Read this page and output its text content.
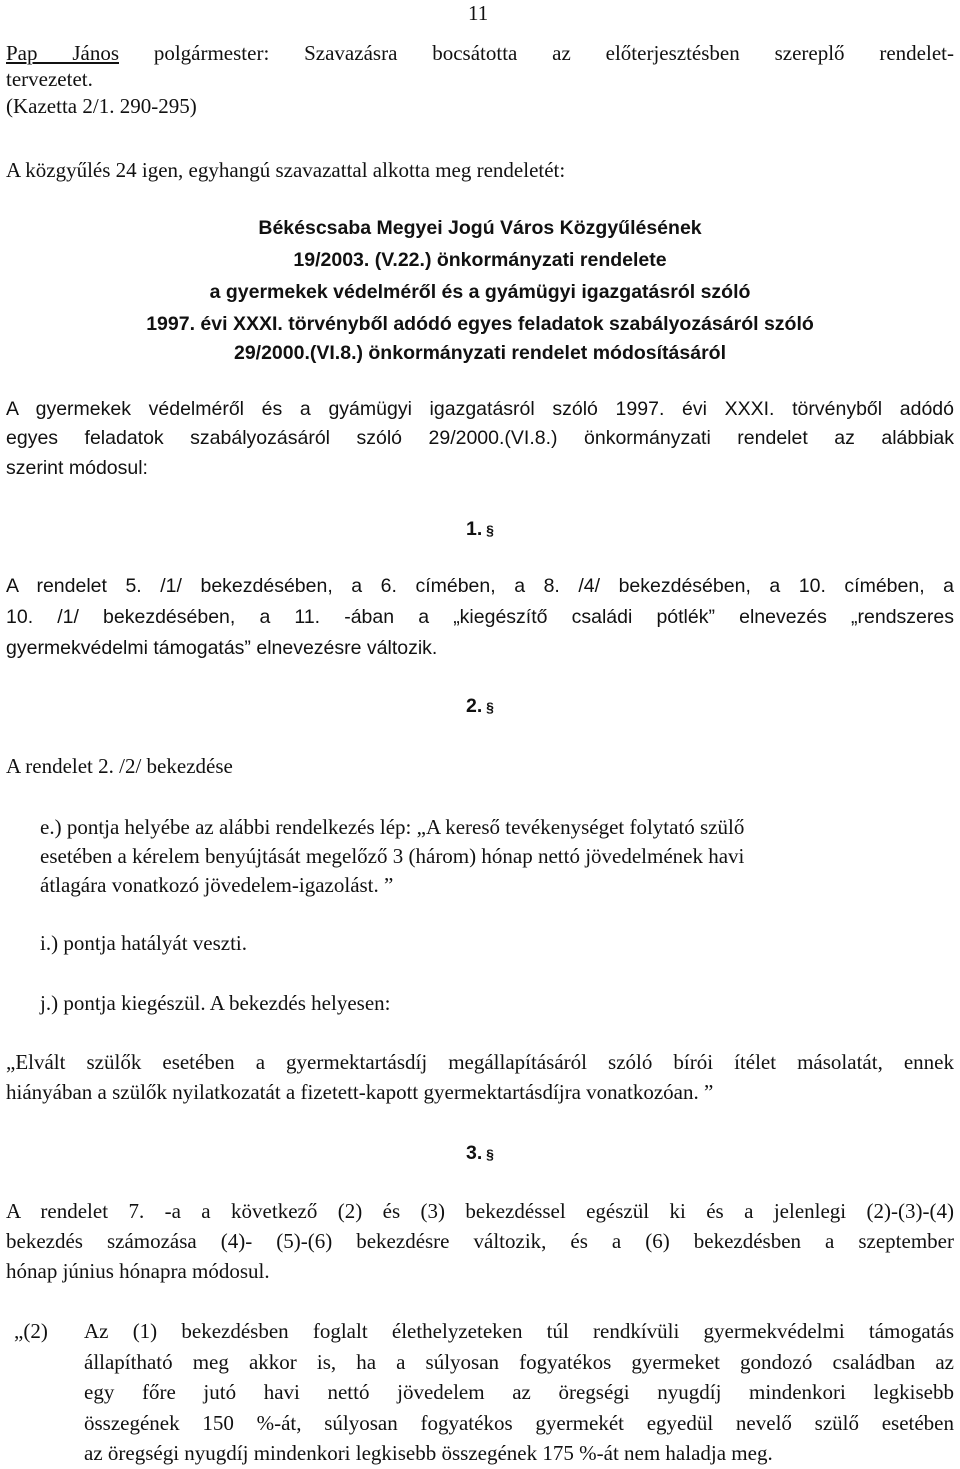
11
Pap János polgármester: Szavazásra bocsátotta az előterjesztésben szereplő rendelet-
tervezetet.
(Kazetta 2/1. 290-295)
A közgyűlés 24 igen, egyhangú szavazattal alkotta meg rendeletét:
Békéscsaba Megyei Jogú Város Közgyűlésének
19/2003. (V.22.) önkormányzati rendelete
a gyermekek védelméről és a gyámügyi igazgatásról szóló
1997. évi XXXI. törvényből adódó egyes feladatok szabályozásáról szóló
29/2000.(VI.8.) önkormányzati rendelet módosításáról
A gyermekek védelméről és a gyámügyi igazgatásról szóló 1997. évi XXXI. törvényből adódó
egyes feladatok szabályozásáról szóló 29/2000.(VI.8.) önkormányzati rendelet az alábbiak
szerint módosul:
1. §
A rendelet 5. /1/ bekezdésében, a 6. címében, a 8. /4/ bekezdésében, a 10. címében, a
10. /1/ bekezdésében, a 11. -ában a „kiegészítő családi pótlék” elnevezés „rendszeres
gyermekvédelmi támogatás” elnevezésre változik.
2. §
A rendelet 2. /2/ bekezdése
e.) pontja helyébe az alábbi rendelkezés lép: „A kereső tevékenységet folytató szülő
esetében a kérelem benyújtását megelőző 3 (három) hónap nettó jövedelmének havi
átlagára vonatkozó jövedelem-igazolást. ”
i.) pontja hatályát veszti.
j.) pontja kiegészül. A bekezdés helyesen:
„Elvált szülők esetében a gyermektartásdíj megállapításáról szóló bírói ítélet másolatát, ennek
hiányában a szülők nyilatkozatát a fizetett-kapott gyermektartásdíjra vonatkozóan. ”
3. §
A rendelet 7. -a a következő (2) és (3) bekezdéssel egészül ki és a jelenlegi (2)-(3)-(4)
bekezdés számozása (4)- (5)-(6) bekezdésre változik, és a (6) bekezdésben a szeptember
hónap június hónapra módosul.
„(2) Az (1) bekezdésben foglalt élethelyzeteken túl rendkívüli gyermekvédelmi támogatás
állapítható meg akkor is, ha a súlyosan fogyatékos gyermeket gondozó családban az
egy főre jutó havi nettó jövedelem az öregségi nyugdíj mindenkori legkisebb
összegének 150 %-át, súlyosan fogyatékos gyermekét egyedül nevelő szülő esetében
az öregségi nyugdíj mindenkori legkisebb összegének 175 %-át nem haladja meg.
